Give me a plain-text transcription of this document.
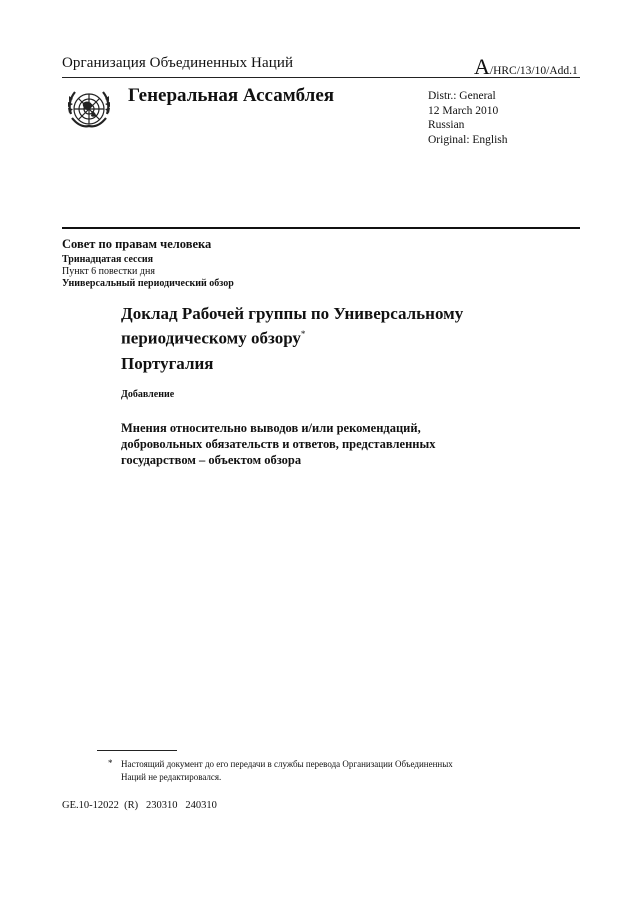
Организация Объединенных Наций	A/HRC/13/10/Add.1
Генеральная Ассамблея	Distr.: General
12 March 2010
Russian
Original: English
Совет по правам человека
Тринадцатая сессия
Пункт 6 повестки дня
Универсальный периодический обзор
Доклад Рабочей группы по Универсальному
периодическому обзору*
Португалия
Добавление
Мнения относительно выводов и/или рекомендаций,
добровольных обязательств и ответов, представленных
государством – объектом обзора
* Настоящий документ до его передачи в службы перевода Организации Объединенных
Наций не редактировался.
GE.10-12022  (R)   230310   240310
